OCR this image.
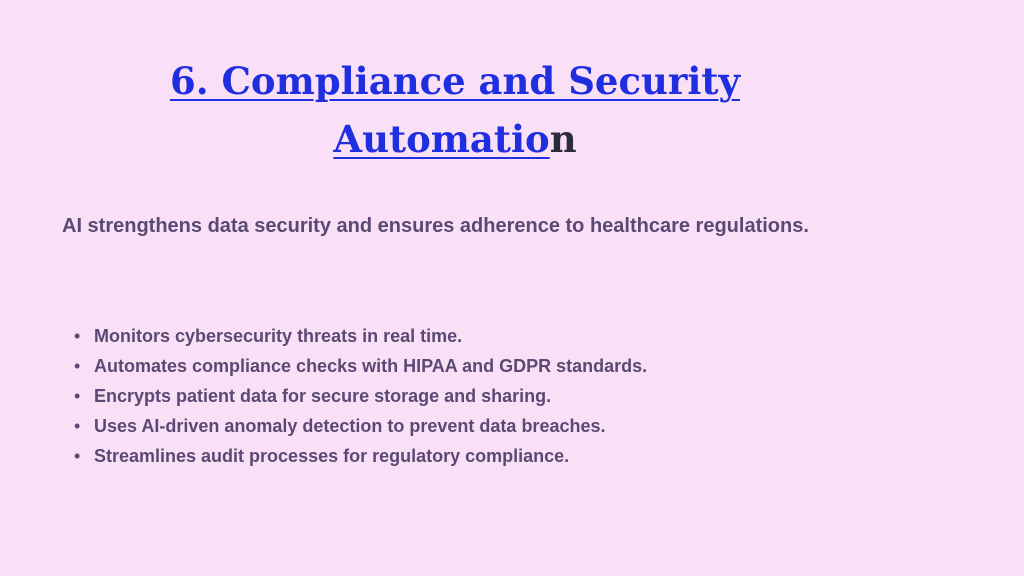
6. Compliance and Security Automation

AI strengthens data security and ensures adherence to healthcare regulations.

• Monitors cybersecurity threats in real time.
• Automates compliance checks with HIPAA and GDPR standards.
• Encrypts patient data for secure storage and sharing.
• Uses AI-driven anomaly detection to prevent data breaches.
• Streamlines audit processes for regulatory compliance.
